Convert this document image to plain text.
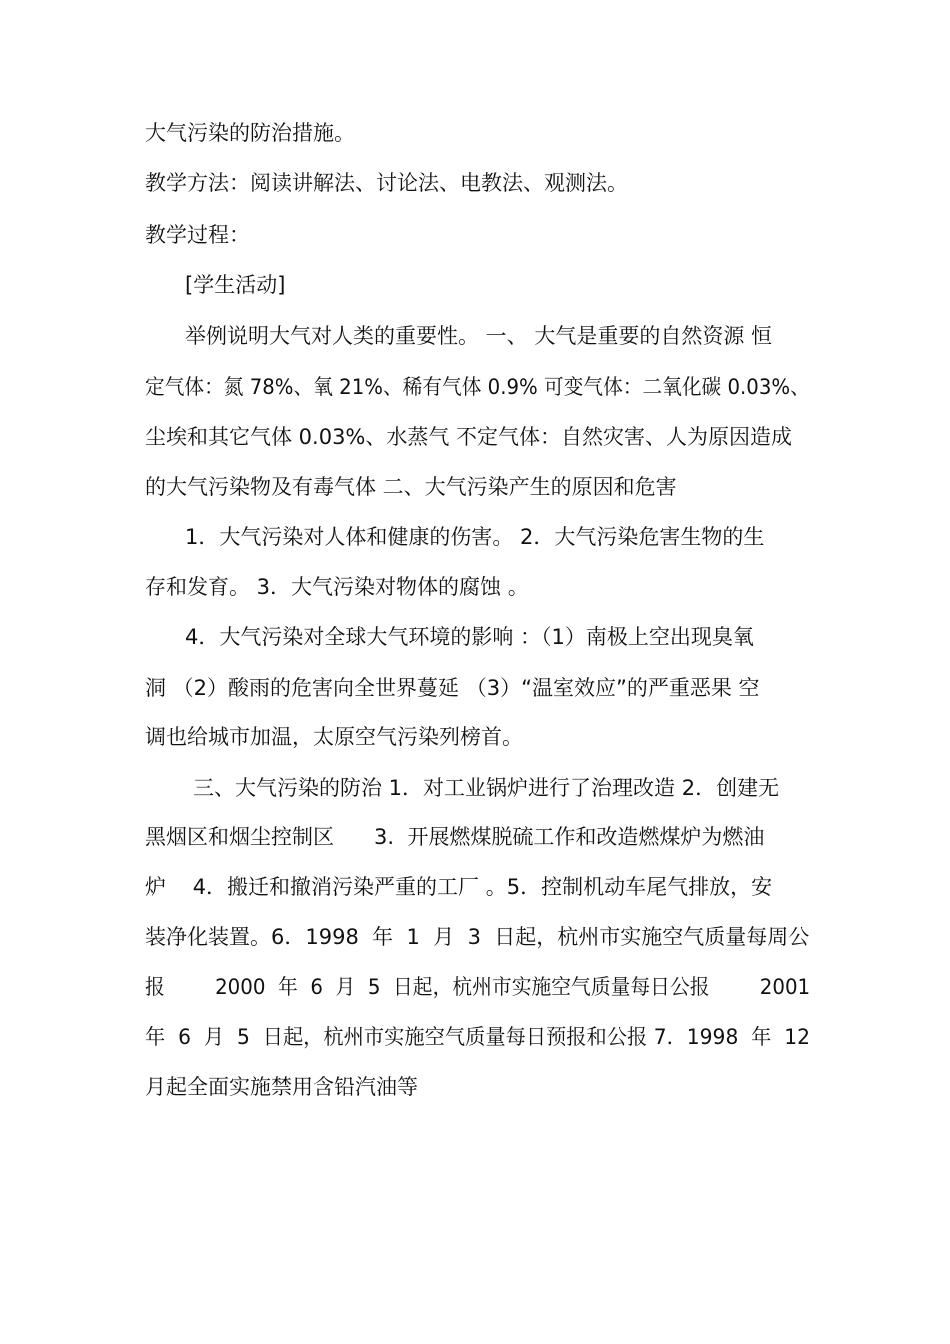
大气污染的防治措施。

教学方法：阅读讲解法、讨论法、电教法、观测法。

教学过程：

[学生活动]

举例说明大气对人类的重要性。 一、 大气是重要的自然资源 恒

定气体：氮 78%、氧 21%、稀有气体 0.9% 可变气体：二氧化碳 0.03%、

尘埃和其它气体 0.03%、水蒸气 不定气体：自然灾害、人为原因造成

的大气污染物及有毒气体 二、大气污染产生的原因和危害

1．大气污染对人体和健康的伤害。 2．大气污染危害生物的生

存和发育。 3．大气污染对物体的腐蚀 。

4．大气污染对全球大气环境的影响 ：（1）南极上空出现臭氧

洞 （2）酸雨的危害向全世界蔓延 （3）“温室效应”的严重恶果 空

调也给城市加温，太原空气污染列榜首。

三、大气污染的防治 1．对工业锅炉进行了治理改造 2．创建无

黑烟区和烟尘控制区      3.  开展燃煤脱硫工作和改造燃煤炉为燃油

炉    4．搬迁和撤消污染严重的工厂 。5．控制机动车尾气排放，安

装净化装置。6．1998  年  1  月  3  日起，杭州市实施空气质量每周公

报        2000  年  6  月  5  日起，杭州市实施空气质量每日公报        2001

年  6  月  5  日起，杭州市实施空气质量每日预报和公报 7．1998  年  12

月起全面实施禁用含铅汽油等
